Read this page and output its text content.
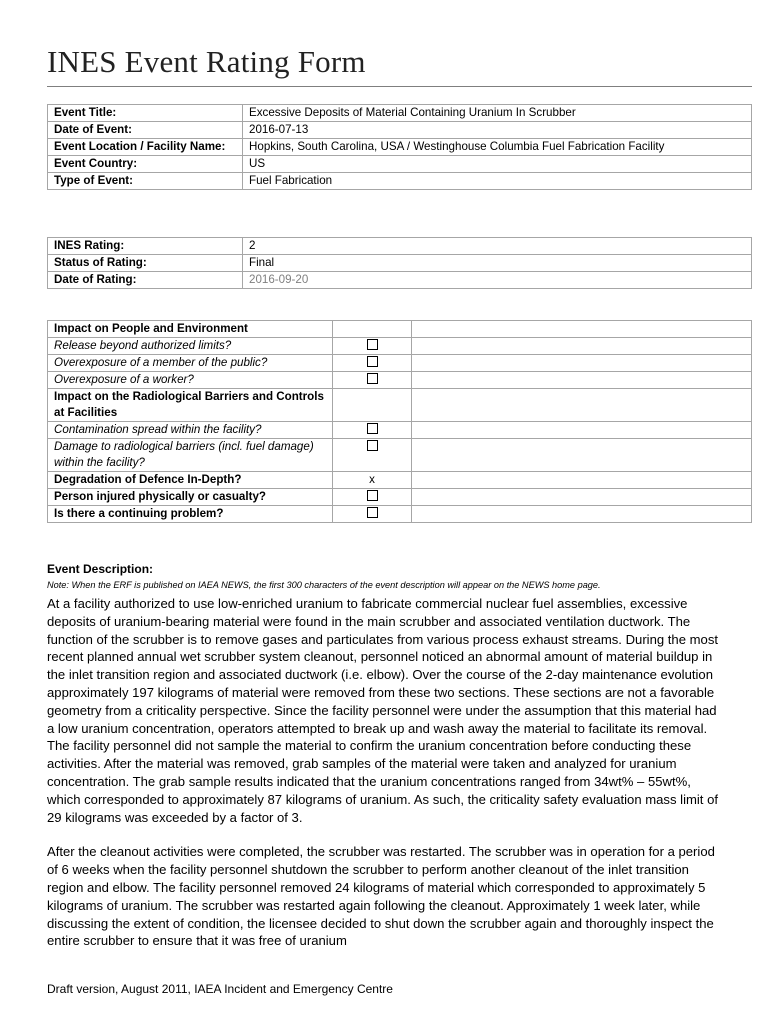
INES Event Rating Form
Event Title:	Excessive Deposits of Material Containing Uranium In Scrubber
Date of Event:	2016-07-13
Event Location / Facility Name:	Hopkins, South Carolina, USA / Westinghouse Columbia Fuel Fabrication Facility
Event Country:	US
Type of Event:	Fuel Fabrication
INES Rating:	2
Status of Rating:	Final
Date of Rating:	2016-09-20
Impact on People and Environment		
Release beyond authorized limits?		
Overexposure of a member of the public?		
Overexposure of a worker?		
Impact on the Radiological Barriers and Controls at Facilities		
Contamination spread within the facility?		
Damage to radiological barriers (incl. fuel damage) within the facility?		
Degradation of Defence In-Depth?	x	
Person injured physically or casualty?		
Is there a continuing problem?		
Event Description:
Note: When the ERF is published on IAEA NEWS, the first 300 characters of the event description will appear on the NEWS home page.

At a facility authorized to use low-enriched uranium to fabricate commercial nuclear fuel assemblies, excessive deposits of uranium-bearing material were found in the main scrubber and associated ventilation ductwork. The function of the scrubber is to remove gases and particulates from various process exhaust streams. During the most recent planned annual wet scrubber system cleanout, personnel noticed an abnormal amount of material buildup in the inlet transition region and associated ductwork (i.e. elbow). Over the course of the 2-day maintenance evolution approximately 197 kilograms of material were removed from these two sections. These sections are not a favorable geometry from a criticality perspective. Since the facility personnel were under the assumption that this material had a low uranium concentration, operators attempted to break up and wash away the material to facilitate its removal. The facility personnel did not sample the material to confirm the uranium concentration before conducting these activities. After the material was removed, grab samples of the material were taken and analyzed for uranium concentration. The grab sample results indicated that the uranium concentrations ranged from 34wt% – 55wt%, which corresponded to approximately 87 kilograms of uranium. As such, the criticality safety evaluation mass limit of 29 kilograms was exceeded by a factor of 3.

After the cleanout activities were completed, the scrubber was restarted. The scrubber was in operation for a period of 6 weeks when the facility personnel shutdown the scrubber to perform another cleanout of the inlet transition region and elbow. The facility personnel removed 24 kilograms of material which corresponded to approximately 5 kilograms of uranium. The scrubber was restarted again following the cleanout. Approximately 1 week later, while discussing the extent of condition, the licensee decided to shut down the scrubber again and thoroughly inspect the entire scrubber to ensure that it was free of uranium

Draft version, August 2011, IAEA Incident and Emergency Centre
